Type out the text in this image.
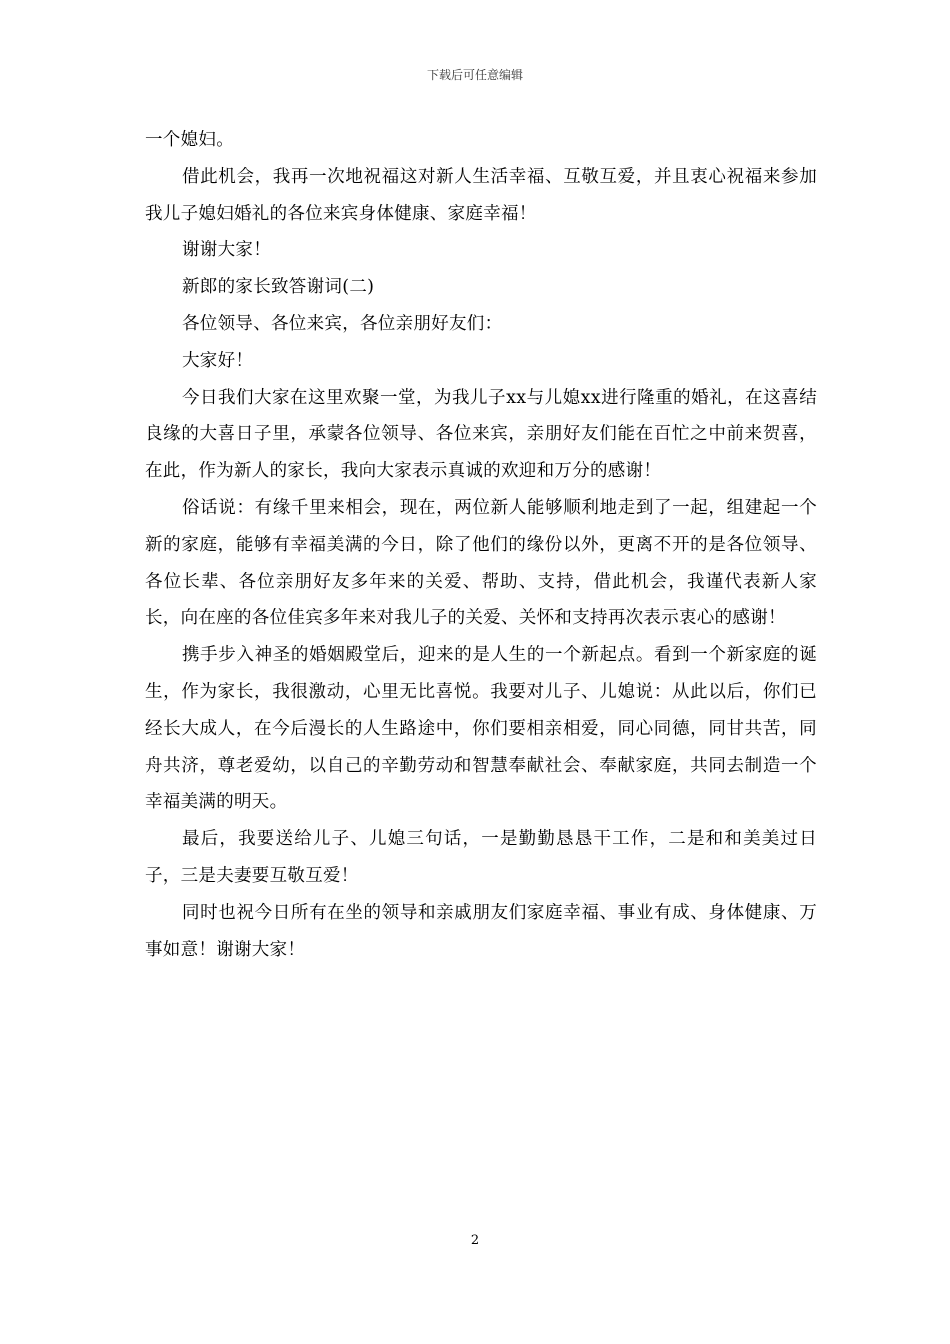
下载后可任意编辑

一个媳妇。

借此机会，我再一次地祝福这对新人生活幸福、互敬互爱，并且衷心祝福来参加我儿子媳妇婚礼的各位来宾身体健康、家庭幸福！

谢谢大家！

新郎的家长致答谢词(二)

各位领导、各位来宾，各位亲朋好友们：

大家好！

今日我们大家在这里欢聚一堂，为我儿子xx与儿媳xx进行隆重的婚礼，在这喜结良缘的大喜日子里，承蒙各位领导、各位来宾，亲朋好友们能在百忙之中前来贺喜，在此，作为新人的家长，我向大家表示真诚的欢迎和万分的感谢！

俗话说：有缘千里来相会，现在，两位新人能够顺利地走到了一起，组建起一个新的家庭，能够有幸福美满的今日，除了他们的缘份以外，更离不开的是各位领导、各位长辈、各位亲朋好友多年来的关爱、帮助、支持，借此机会，我谨代表新人家长，向在座的各位佳宾多年来对我儿子的关爱、关怀和支持再次表示衷心的感谢！

携手步入神圣的婚姻殿堂后，迎来的是人生的一个新起点。看到一个新家庭的诞生，作为家长，我很激动，心里无比喜悦。我要对儿子、儿媳说：从此以后，你们已经长大成人，在今后漫长的人生路途中，你们要相亲相爱，同心同德，同甘共苦，同舟共济，尊老爱幼，以自己的辛勤劳动和智慧奉献社会、奉献家庭，共同去制造一个幸福美满的明天。

最后，我要送给儿子、儿媳三句话，一是勤勤恳恳干工作，二是和和美美过日子，三是夫妻要互敬互爱！

同时也祝今日所有在坐的领导和亲戚朋友们家庭幸福、事业有成、身体健康、万事如意！谢谢大家！

2
